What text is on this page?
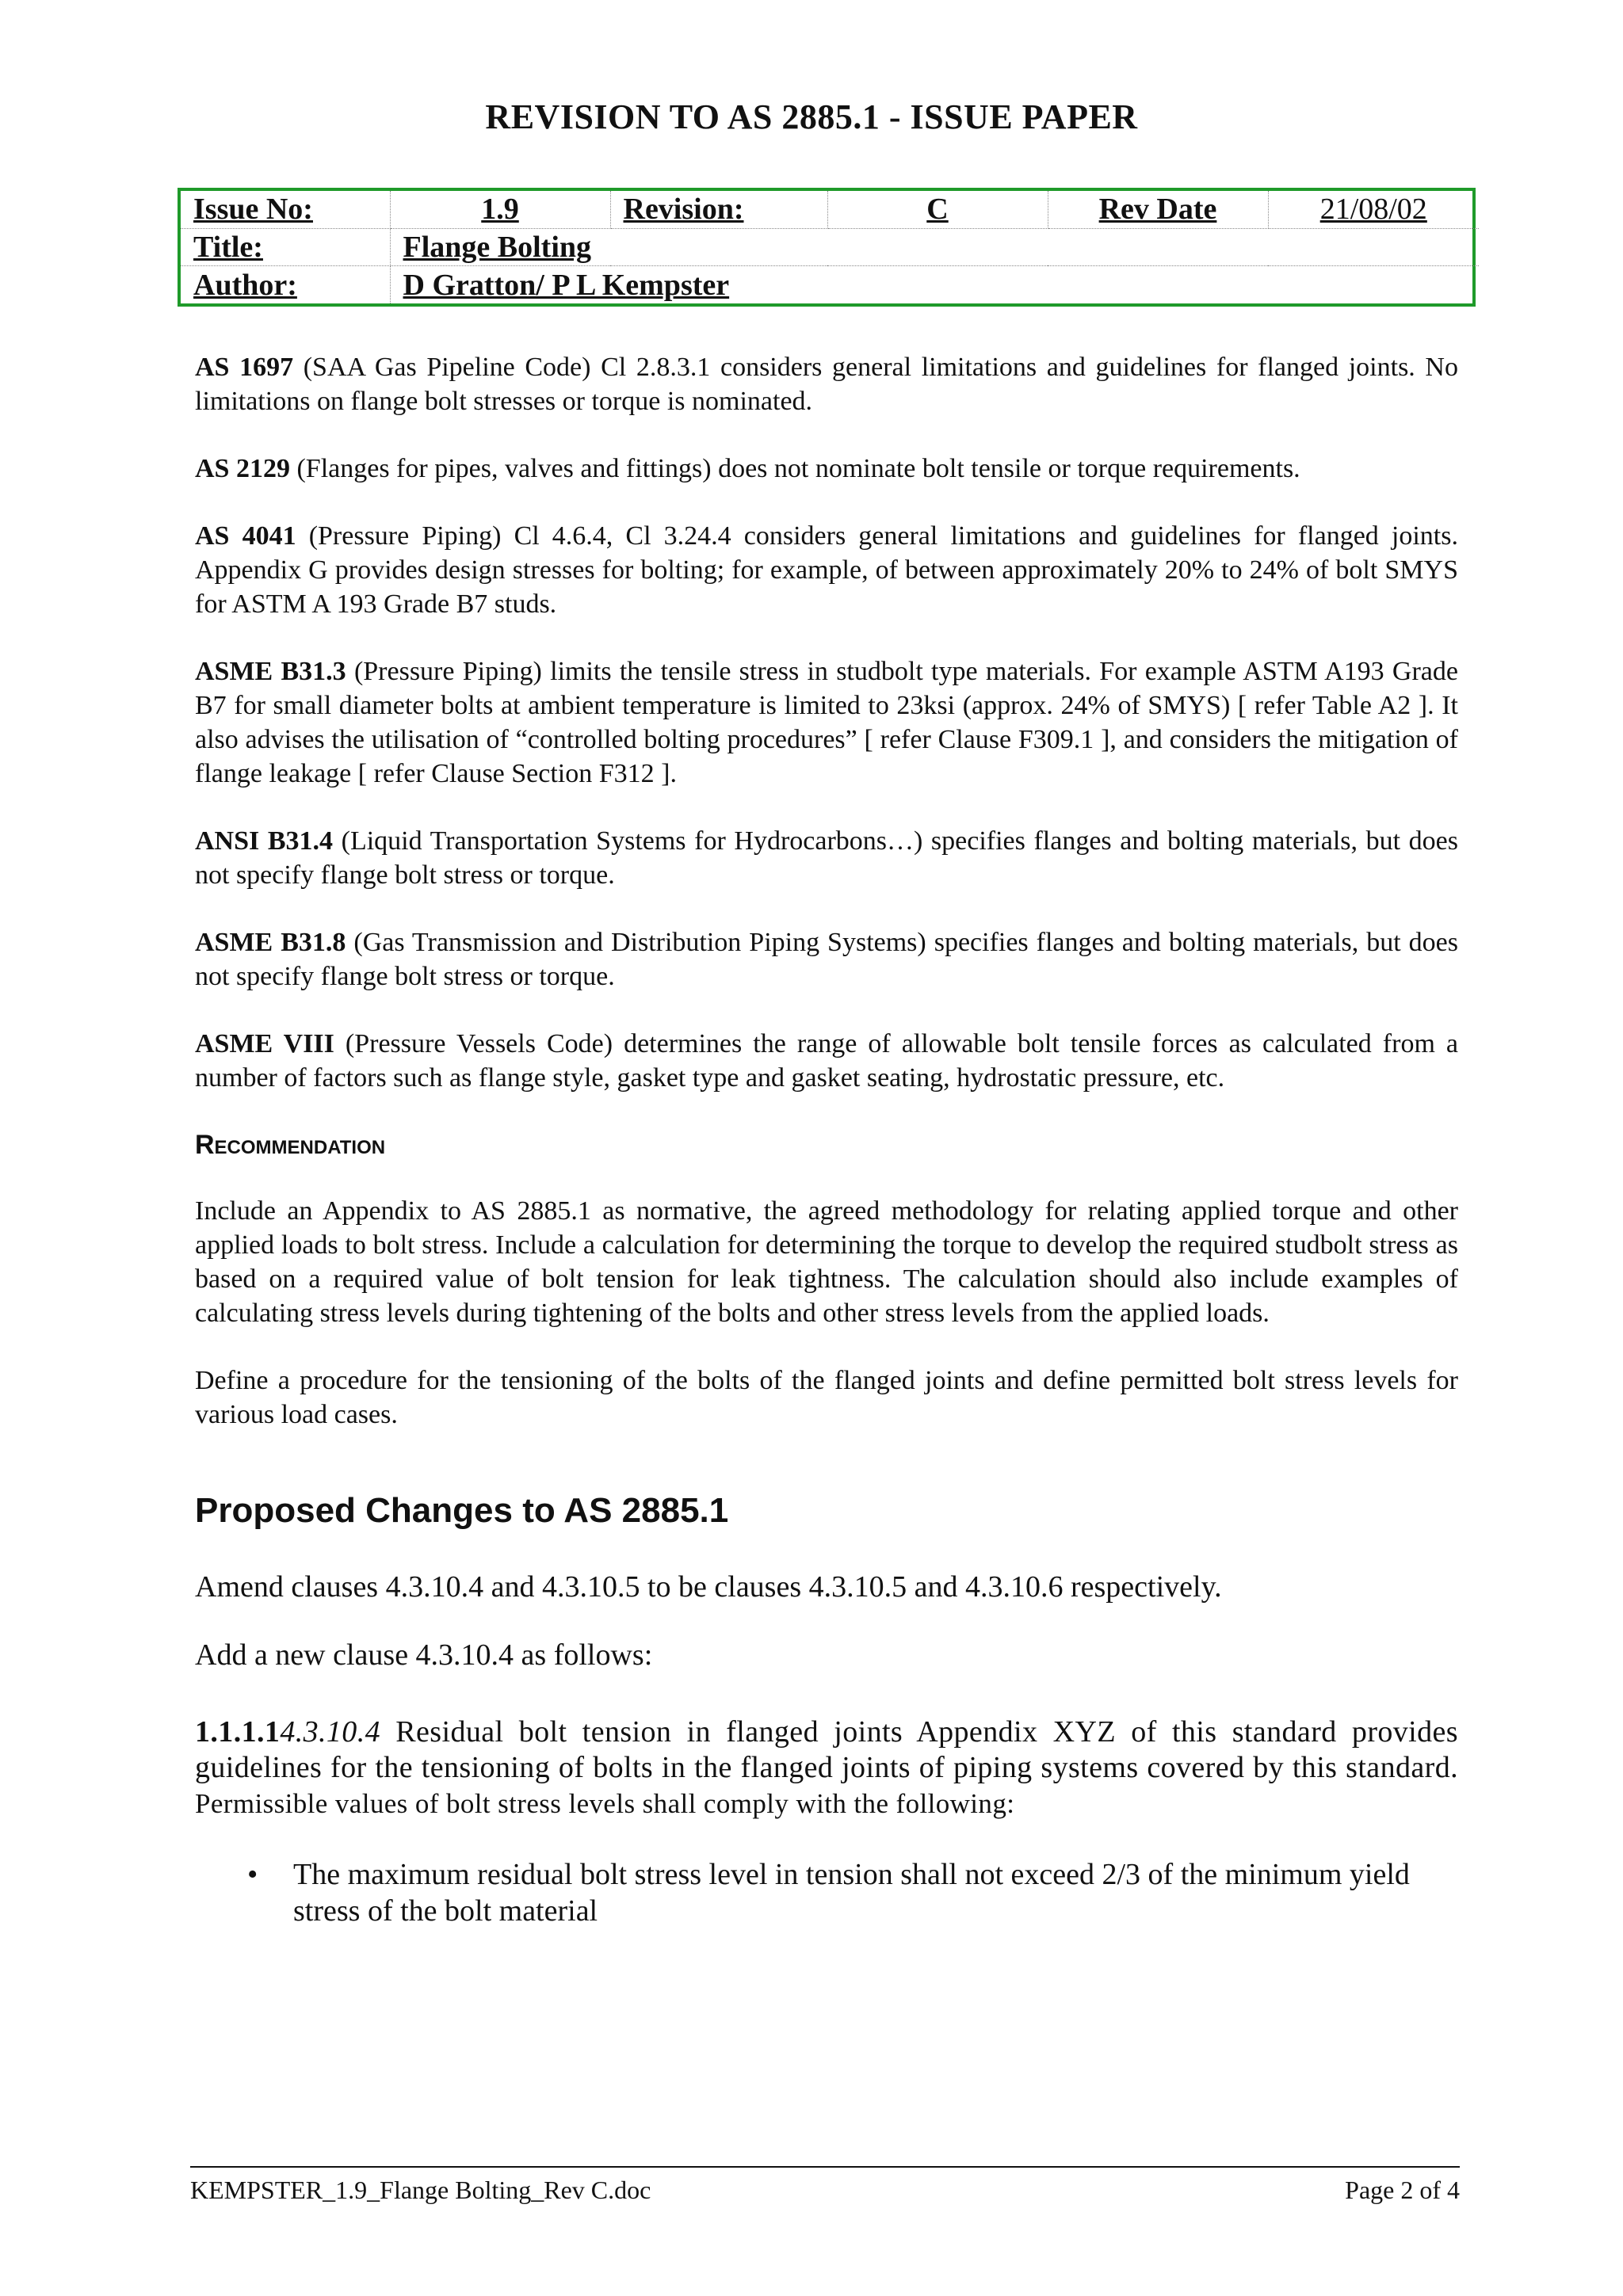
REVISION TO AS 2885.1 - ISSUE PAPER
Issue No:	1.9	Revision:	C	Rev Date	21/08/02
Title:	Flange Bolting				
Author:	D Gratton/ P L Kempster				

AS 1697 (SAA Gas Pipeline Code) Cl 2.8.3.1 considers general limitations and guidelines for flanged joints. No limitations on flange bolt stresses or torque is nominated.

AS 2129 (Flanges for pipes, valves and fittings) does not nominate bolt tensile or torque requirements.

AS 4041 (Pressure Piping) Cl 4.6.4, Cl 3.24.4 considers general limitations and guidelines for flanged joints. Appendix G provides design stresses for bolting; for example, of between approximately 20% to 24% of bolt SMYS for ASTM A 193 Grade B7 studs.

ASME B31.3 (Pressure Piping) limits the tensile stress in studbolt type materials. For example ASTM A193 Grade B7 for small diameter bolts at ambient temperature is limited to 23ksi (approx. 24% of SMYS) [ refer Table A2 ]. It also advises the utilisation of “controlled bolting procedures” [ refer Clause F309.1 ], and considers the mitigation of flange leakage [ refer Clause Section F312 ].

ANSI B31.4 (Liquid Transportation Systems for Hydrocarbons…) specifies flanges and bolting materials, but does not specify flange bolt stress or torque.

ASME B31.8 (Gas Transmission and Distribution Piping Systems) specifies flanges and bolting materials, but does not specify flange bolt stress or torque.

ASME VIII (Pressure Vessels Code) determines the range of allowable bolt tensile forces as calculated from a number of factors such as flange style, gasket type and gasket seating, hydrostatic pressure, etc.

Recommendation

Include an Appendix to AS 2885.1 as normative, the agreed methodology for relating applied torque and other applied loads to bolt stress. Include a calculation for determining the torque to develop the required studbolt stress as based on a required value of bolt tension for leak tightness. The calculation should also include examples of calculating stress levels during tightening of the bolts and other stress levels from the applied loads.

Define a procedure for the tensioning of the bolts of the flanged joints and define permitted bolt stress levels for various load cases.

Proposed Changes to AS 2885.1

Amend clauses 4.3.10.4 and 4.3.10.5 to be clauses 4.3.10.5 and 4.3.10.6 respectively.

Add a new clause 4.3.10.4 as follows:

1.1.1.14.3.10.4 Residual bolt tension in flanged joints Appendix XYZ of this standard provides guidelines for the tensioning of bolts in the flanged joints of piping systems covered by this standard. Permissible values of bolt stress levels shall comply with the following:

• The maximum residual bolt stress level in tension shall not exceed 2/3 of the minimum yield stress of the bolt material
KEMPSTER_1.9_Flange Bolting_Rev C.doc	Page 2 of 4
